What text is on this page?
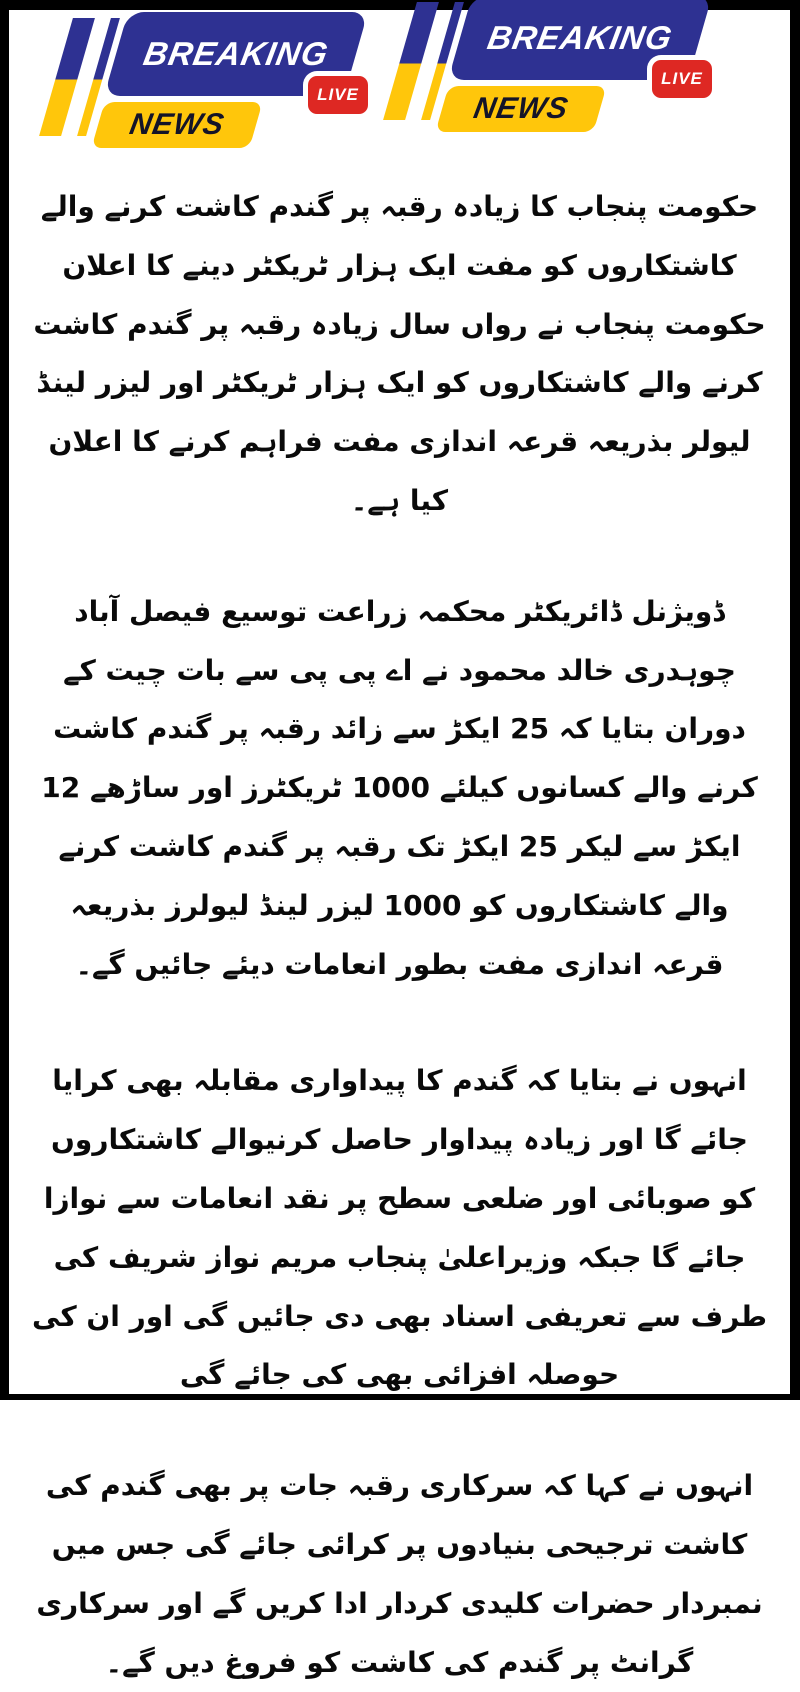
BREAKING
NEWS
LIVE
BREAKING
NEWS
LIVE

حکومت پنجاب کا زیادہ رقبہ پر گندم کاشت کرنے والے کاشتکاروں کو مفت ایک ہزار ٹریکٹر دینے کا اعلان

حکومت پنجاب نے رواں سال زیادہ رقبہ پر گندم کاشت کرنے والے کاشتکاروں کو ایک ہزار ٹریکٹر اور لیزر لینڈ لیولر بذریعہ قرعہ اندازی مفت فراہم کرنے کا اعلان کیا ہے۔

ڈویژنل ڈائریکٹر محکمہ زراعت توسیع فیصل آباد چوہدری خالد محمود نے اے پی پی سے بات چیت کے دوران بتایا کہ 25 ایکڑ سے زائد رقبہ پر گندم کاشت کرنے والے کسانوں کیلئے 1000 ٹریکٹرز اور ساڑھے 12 ایکڑ سے لیکر 25 ایکڑ تک رقبہ پر گندم کاشت کرنے والے کاشتکاروں کو 1000 لیزر لینڈ لیولرز بذریعہ قرعہ اندازی مفت بطور انعامات دیئے جائیں گے۔

انہوں نے بتایا کہ گندم کا پیداواری مقابلہ بھی کرایا جائے گا اور زیادہ پیداوار حاصل کرنیوالے کاشتکاروں کو صوبائی اور ضلعی سطح پر نقد انعامات سے نوازا جائے گا جبکہ وزیراعلیٰ پنجاب مریم نواز شریف کی طرف سے تعریفی اسناد بھی دی جائیں گی اور ان کی حوصلہ افزائی بھی کی جائے گی

انہوں نے کہا کہ سرکاری رقبہ جات پر بھی گندم کی کاشت ترجیحی بنیادوں پر کرائی جائے گی جس میں نمبردار حضرات کلیدی کردار ادا کریں گے اور سرکاری گرانٹ پر گندم کی کاشت کو فروغ دیں گے۔
